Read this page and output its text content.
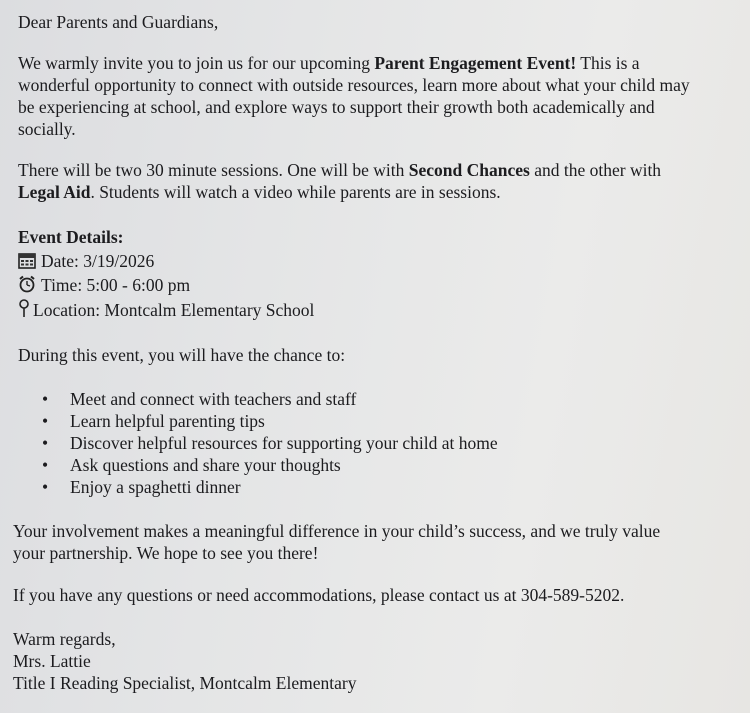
Dear Parents and Guardians,
We warmly invite you to join us for our upcoming Parent Engagement Event! This is a
wonderful opportunity to connect with outside resources, learn more about what your child may
be experiencing at school, and explore ways to support their growth both academically and
socially.
There will be two 30 minute sessions. One will be with Second Chances and the other with
Legal Aid. Students will watch a video while parents are in sessions.
Event Details:
Date: 3/19/2026
Time: 5:00 - 6:00 pm
Location: Montcalm Elementary School
During this event, you will have the chance to:
• Meet and connect with teachers and staff
• Learn helpful parenting tips
• Discover helpful resources for supporting your child at home
• Ask questions and share your thoughts
• Enjoy a spaghetti dinner
Your involvement makes a meaningful difference in your child’s success, and we truly value
your partnership. We hope to see you there!
If you have any questions or need accommodations, please contact us at 304-589-5202.
Warm regards,
Mrs. Lattie
Title I Reading Specialist, Montcalm Elementary
